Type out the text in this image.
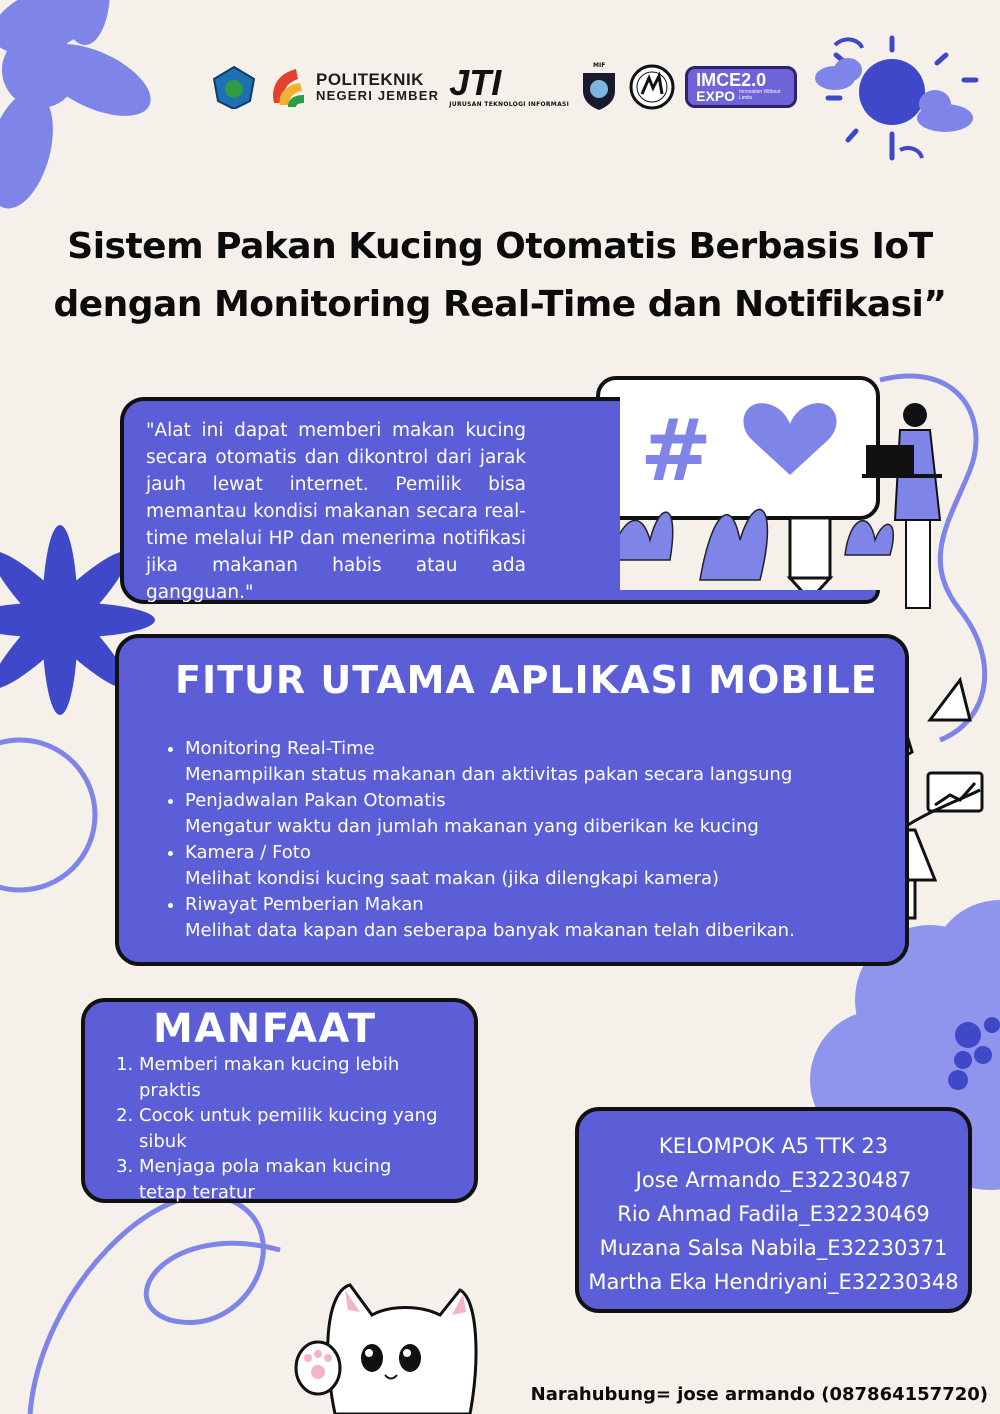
#
POLITEKNIK
NEGERI JEMBER JTI
JURUSAN TEKNOLOGI INFORMASI
MIF
IMCE2.0
EXPO Innovation Without Limits
Sistem Pakan Kucing Otomatis Berbasis IoT
dengan Monitoring Real-Time dan Notifikasi”
"Alat ini dapat memberi makan kucing secara otomatis dan dikontrol dari jarak jauh lewat internet. Pemilik bisa memantau kondisi makanan secara real-time melalui HP dan menerima notifikasi jika makanan habis atau ada gangguan."
FITUR UTAMA APLIKASI MOBILE
• Monitoring Real-Time
Menampilkan status makanan dan aktivitas pakan secara langsung
• Penjadwalan Pakan Otomatis
Mengatur waktu dan jumlah makanan yang diberikan ke kucing
• Kamera / Foto
Melihat kondisi kucing saat makan (jika dilengkapi kamera)
• Riwayat Pemberian Makan
Melihat data kapan dan seberapa banyak makanan telah diberikan.
MANFAAT
1. Memberi makan kucing lebih praktis
2. Cocok untuk pemilik kucing yang sibuk
3. Menjaga pola makan kucing tetap teratur
KELOMPOK A5 TTK 23
Jose Armando_E32230487
Rio Ahmad Fadila_E32230469
Muzana Salsa Nabila_E32230371
Martha Eka Hendriyani_E32230348
Narahubung= jose armando (087864157720)
